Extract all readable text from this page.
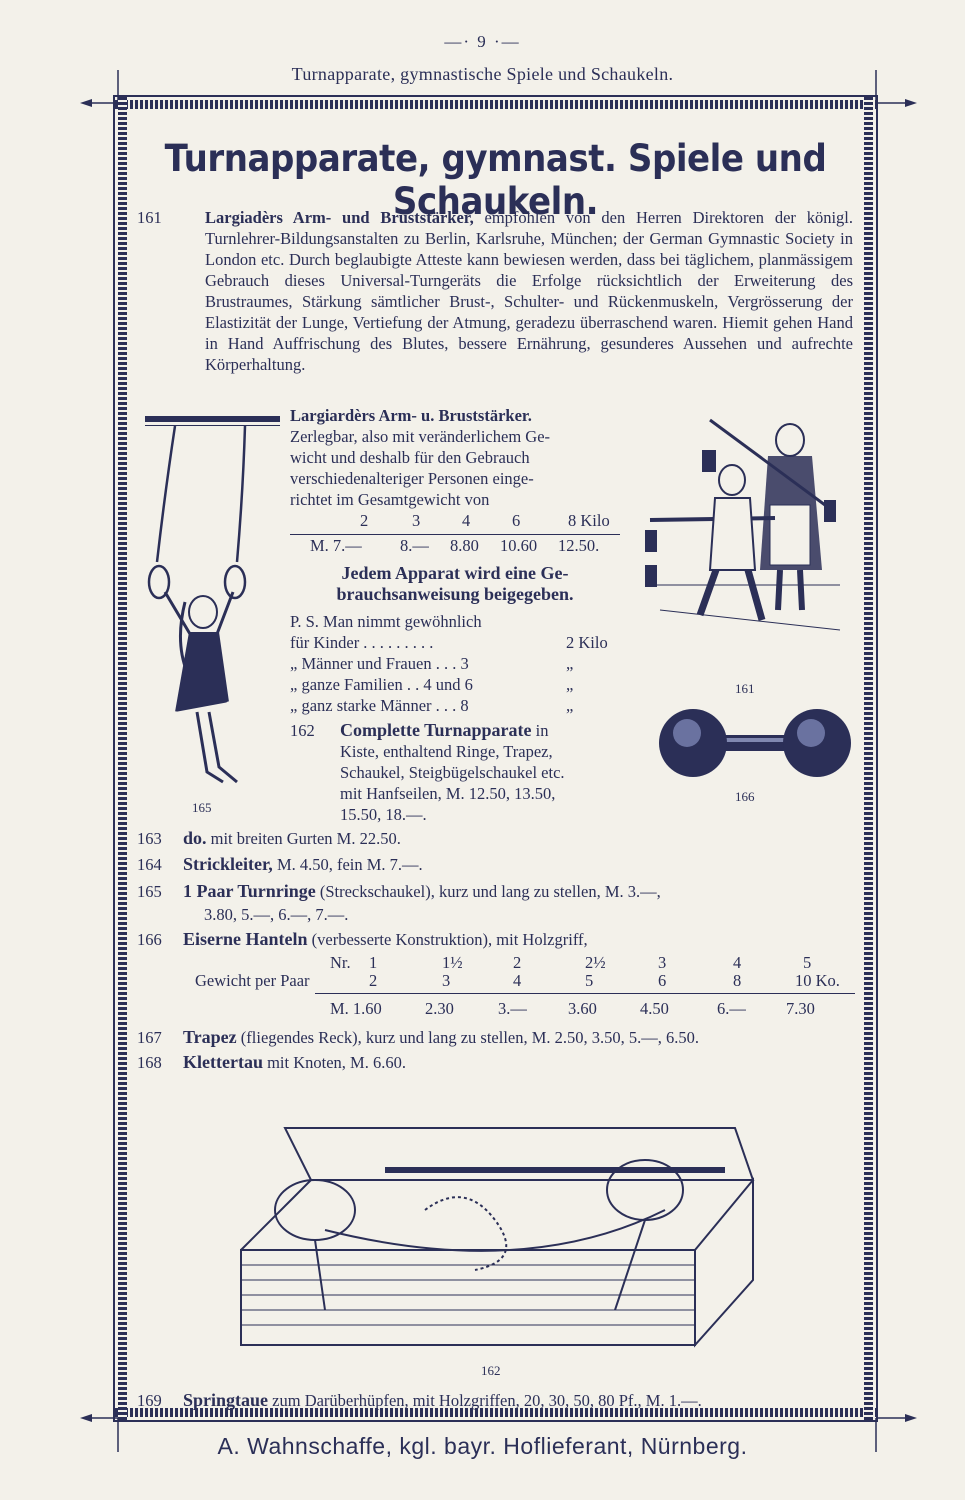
—· 9 ·—
Turnapparate, gymnastische Spiele und Schaukeln.
Turnapparate, gymnast. Spiele und Schaukeln.
161	Largiadèrs Arm- und Bruststärker, empfohlen von den Herren Direktoren der königl. Turnlehrer-Bildungsanstalten zu Berlin, Karlsruhe, München; der German Gymnastic Society in London etc. Durch beglaubigte Atteste kann bewiesen werden, dass bei täglichem, planmässigem Gebrauch dieses Universal-Turngeräts die Erfolge rücksichtlich der Erweiterung des Brustraumes, Stärkung sämtlicher Brust-, Schulter- und Rückenmuskeln, Vergrösserung der Elastizität der Lunge, Vertiefung der Atmung, geradezu überraschend waren. Hiemit gehen Hand in Hand Auffrischung des Blutes, bessere Ernährung, gesunderes Aussehen und aufrechte Körperhaltung.
165
Largiardèrs Arm- u. Bruststärker.
Zerlegbar, also mit veränderlichem Ge-
wicht und deshalb für den Gebrauch
verschiedenalteriger Personen einge-
richtet im Gesamtgewicht von
2	3	4	6	8 Kilo
M. 7.— 8.— 8.80 10.60 12.50.
Jedem Apparat wird eine Ge-
brauchsanweisung beigegeben.
P. S. Man nimmt gewöhnlich
für Kinder . . . . . . . . .	2 Kilo
„ Männer und Frauen . . . 3	„
„ ganze Familien . . 4 und 6	„
„ ganz starke Männer . . . 8	„
162 Complette Turnapparate in
Kiste, enthaltend Ringe, Trapez,
Schaukel, Steigbügelschaukel etc.
mit Hanfseilen, M. 12.50, 13.50,
15.50, 18.—.
161
166
163 do. mit breiten Gurten M. 22.50.
164 Strickleiter, M. 4.50, fein M. 7.—.
165 1 Paar Turnringe (Streckschaukel), kurz und lang zu stellen, M. 3.—,
3.80, 5.—, 6.—, 7.—.
166 Eiserne Hanteln (verbesserte Konstruktion), mit Holzgriff,
Nr. 1	1½	2	2½	3	4	5
Gewicht per Paar	2	3	4	5	6	8	10 Ko.
M. 1.60	2.30	3.— 3.60	4.50	6.— 7.30
167 Trapez (fliegendes Reck), kurz und lang zu stellen, M. 2.50, 3.50, 5.—, 6.50.
168 Klettertau mit Knoten, M. 6.60.
162
169 Springtaue zum Darüberhüpfen, mit Holzgriffen, 20, 30, 50, 80 Pf., M. 1.—.
A. Wahnschaffe, kgl. bayr. Hoflieferant, Nürnberg.
